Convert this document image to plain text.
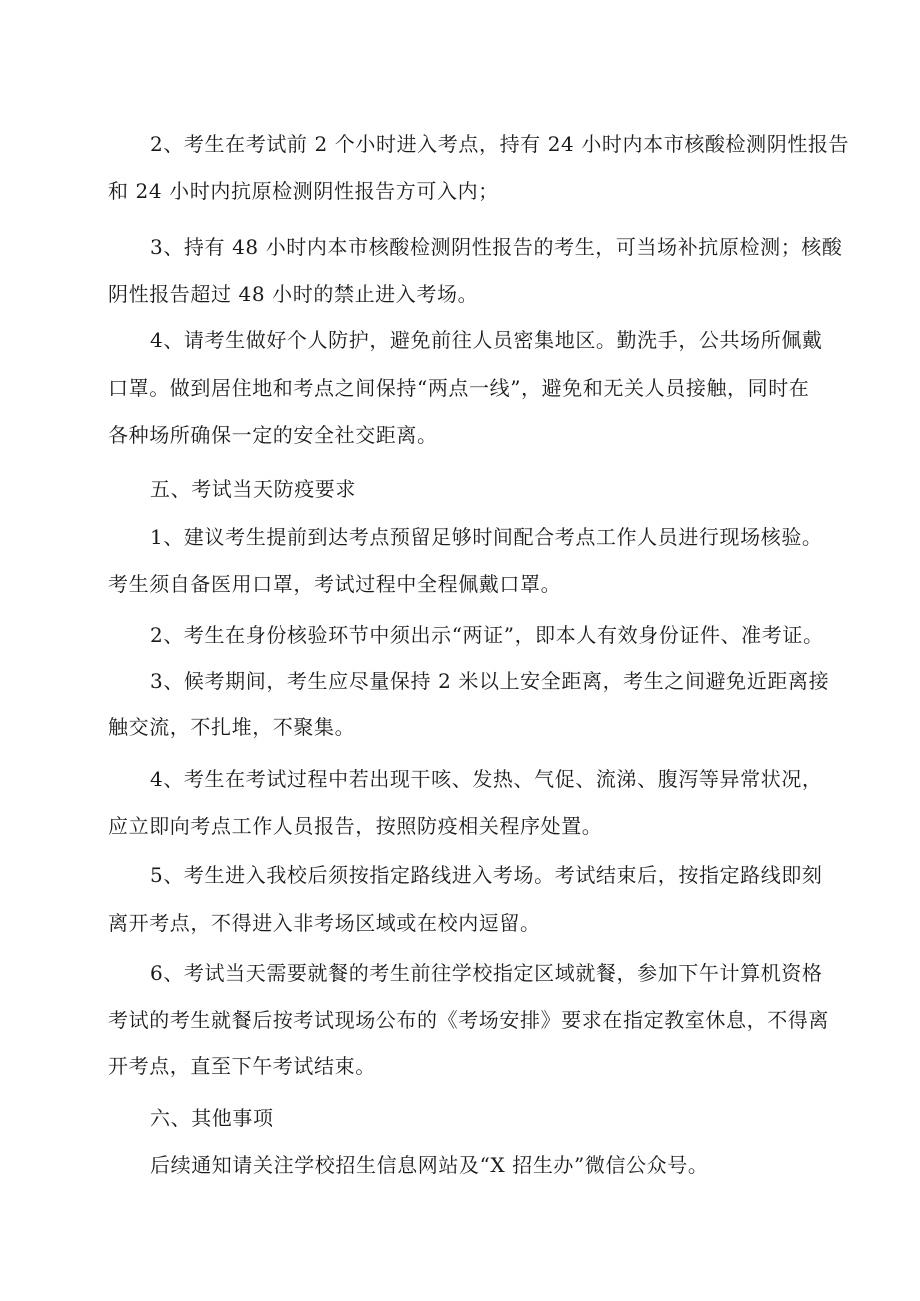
2、考生在考试前 2 个小时进入考点，持有 24 小时内本市核酸检测阴性报告
和 24 小时内抗原检测阴性报告方可入内；
3、持有 48 小时内本市核酸检测阴性报告的考生，可当场补抗原检测；核酸
阴性报告超过 48 小时的禁止进入考场。
4、请考生做好个人防护，避免前往人员密集地区。勤洗手，公共场所佩戴
口罩。做到居住地和考点之间保持“两点一线”，避免和无关人员接触，同时在
各种场所确保一定的安全社交距离。
五、考试当天防疫要求
1、建议考生提前到达考点预留足够时间配合考点工作人员进行现场核验。
考生须自备医用口罩，考试过程中全程佩戴口罩。
2、考生在身份核验环节中须出示“两证”，即本人有效身份证件、准考证。
3、候考期间，考生应尽量保持 2 米以上安全距离，考生之间避免近距离接
触交流，不扎堆，不聚集。
4、考生在考试过程中若出现干咳、发热、气促、流涕、腹泻等异常状况，
应立即向考点工作人员报告，按照防疫相关程序处置。
5、考生进入我校后须按指定路线进入考场。考试结束后，按指定路线即刻
离开考点，不得进入非考场区域或在校内逗留。
6、考试当天需要就餐的考生前往学校指定区域就餐，参加下午计算机资格
考试的考生就餐后按考试现场公布的《考场安排》要求在指定教室休息，不得离
开考点，直至下午考试结束。
六、其他事项
后续通知请关注学校招生信息网站及“X 招生办”微信公众号。
